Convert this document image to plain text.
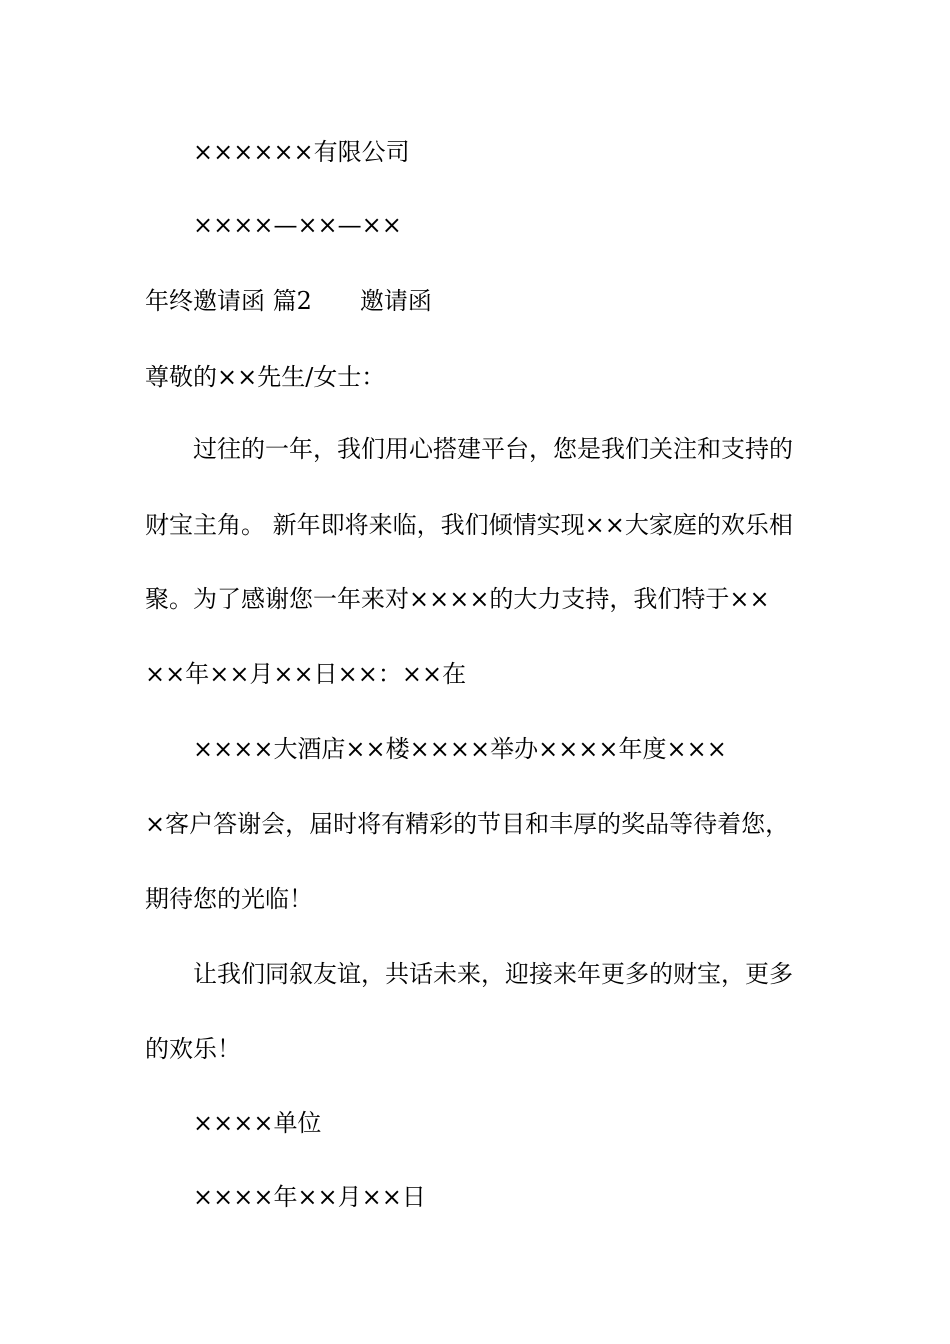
××××××有限公司

××××—××—××

年终邀请函 篇2 邀请函

尊敬的××先生/女士：

过往的一年，我们用心搭建平台，您是我们关注和支持的

财宝主角。 新年即将来临，我们倾情实现××大家庭的欢乐相

聚。为了感谢您一年来对××××的大力支持，我们特于××

××年××月××日××：××在

××××大酒店××楼××××举办××××年度×××

×客户答谢会，届时将有精彩的节目和丰厚的奖品等待着您，

期待您的光临！

让我们同叙友谊，共话未来，迎接来年更多的财宝，更多

的欢乐！

××××单位

××××年××月××日
